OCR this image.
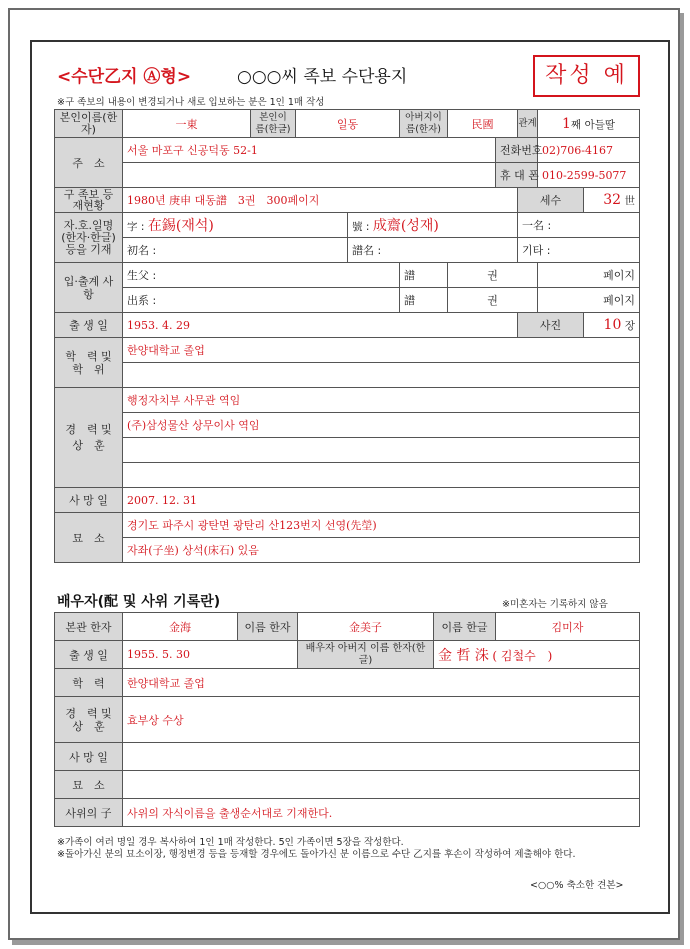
<수단乙지 Ⓐ형>	○○○씨 족보 수단용지	작성 예
※구 족보의 내용이 변경되거나 새로 입보하는 분은 1인 1매 작성
본인이름(한자)	一東	본인이름(한글)	일동		아버지이름(한자)	民國		관계	1째 아들딸	
주　소	서울 마포구 신공덕동 52-1						전화번호		02)706-4167	
							휴 대 폰		010-2599-5077	
구 족보 등재현황	1980년 庚申 대동譜　3권　300페이지							세수		32 世
자.호.일명 (한자·한글) 등을 기재	字 : 在錫(재석)			號 : 成齋(성재)				一名 :		
	初名 :			譜名 :				기타 :		
입·출계 사　항	生父 :				譜	권			페이지	
	出系 :				譜	권			페이지	
출 생 일	1953. 4. 29							사진		10 장
학　력 및 학　위	한양대학교 졸업									

경　력 및 상　훈	행정자치부 사무관 역임									
	(주)삼성물산 상무이사 역임									

사 망 일	2007. 12. 31									
묘　소	경기도 파주시 광탄면 광탄리 산123번지 선영(先塋)									
	자좌(子坐) 상석(床石) 있음									
배우자(配 및 사위 기록란)	※미혼자는 기록하지 않음
본관 한자	金海	이름 한자	金美子	이름 한글	김미자
출 생 일	1955. 5. 30		배우자 아버지 이름 한자(한글)	金 哲 洙 ( 김철수　)	
학　력	한양대학교 졸업				
경　력 및 상　훈	효부상 수상				
사 망 일					
묘　소					
사위의 子	사위의 자식이름을 출생순서대로 기재한다.				
※가족이 여러 명일 경우 복사하여 1인 1매 작성한다. 5인 가족이면 5장을 작성한다.
※돌아가신 분의 묘소이장, 행정변경 등을 등재할 경우에도 돌아가신 분 이름으로 수단 乙지를 후손이 작성하여 제출해야 한다.
<○○% 축소한 견본>
